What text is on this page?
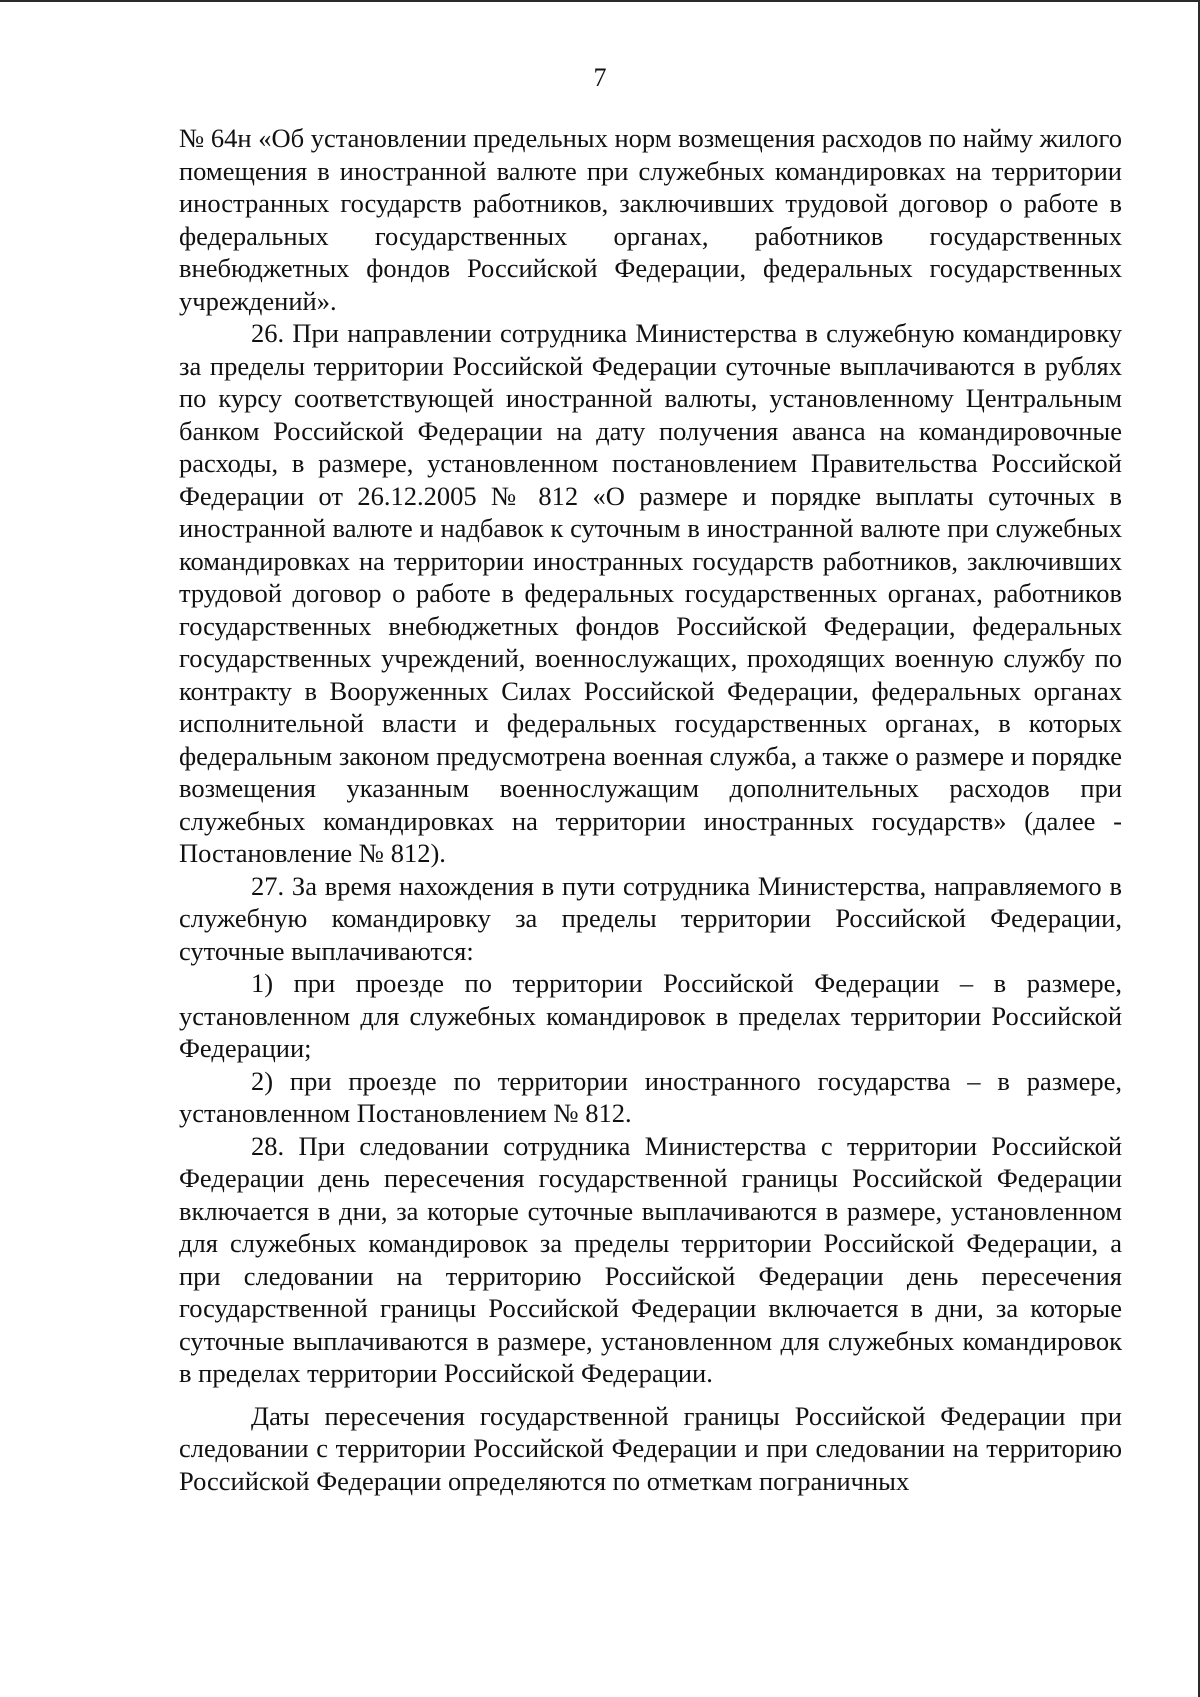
7

№ 64н «Об установлении предельных норм возмещения расходов по найму жилого помещения в иностранной валюте при служебных командировках на территории иностранных государств работников, заключивших трудовой договор о работе в федеральных государственных органах, работников государственных внебюджетных фондов Российской Федерации, федеральных государственных учреждений».

26. При направлении сотрудника Министерства в служебную командировку за пределы территории Российской Федерации суточные выплачиваются в рублях по курсу соответствующей иностранной валюты, установленному Центральным банком Российской Федерации на дату получения аванса на командировочные расходы, в размере, установленном постановлением Правительства Российской Федерации от 26.12.2005 № 812 «О размере и порядке выплаты суточных в иностранной валюте и надбавок к суточным в иностранной валюте при служебных командировках на территории иностранных государств работников, заключивших трудовой договор о работе в федеральных государственных органах, работников государственных внебюджетных фондов Российской Федерации, федеральных государственных учреждений, военнослужащих, проходящих военную службу по контракту в Вооруженных Силах Российской Федерации, федеральных органах исполнительной власти и федеральных государственных органах, в которых федеральным законом предусмотрена военная служба, а также о размере и порядке возмещения указанным военнослужащим дополнительных расходов при служебных командировках на территории иностранных государств» (далее - Постановление № 812).

27. За время нахождения в пути сотрудника Министерства, направляемого в служебную командировку за пределы территории Российской Федерации, суточные выплачиваются:

1) при проезде по территории Российской Федерации – в размере, установленном для служебных командировок в пределах территории Российской Федерации;

2) при проезде по территории иностранного государства – в размере, установленном Постановлением № 812.

28. При следовании сотрудника Министерства с территории Российской Федерации день пересечения государственной границы Российской Федерации включается в дни, за которые суточные выплачиваются в размере, установленном для служебных командировок за пределы территории Российской Федерации, а при следовании на территорию Российской Федерации день пересечения государственной границы Российской Федерации включается в дни, за которые суточные выплачиваются в размере, установленном для служебных командировок в пределах территории Российской Федерации.

Даты пересечения государственной границы Российской Федерации при следовании с территории Российской Федерации и при следовании на территорию Российской Федерации определяются по отметкам пограничных
